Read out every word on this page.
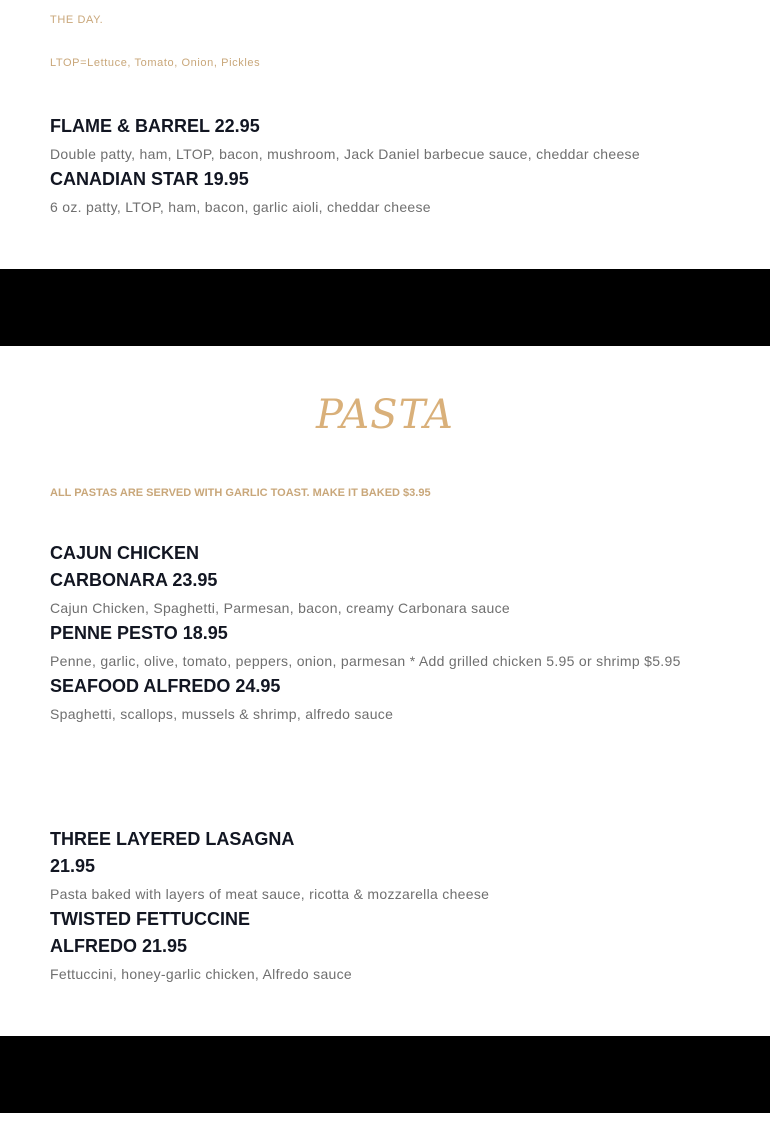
THE DAY.

LTOP=Lettuce, Tomato, Onion, Pickles

FLAME & BARREL 22.95

Double patty, ham, LTOP, bacon, mushroom, Jack Daniel barbecue sauce, cheddar cheese

CANADIAN STAR 19.95

6 oz. patty, LTOP, ham, bacon, garlic aioli, cheddar cheese

PASTA

ALL PASTAS ARE SERVED WITH GARLIC TOAST. MAKE IT BAKED $3.95

CAJUN CHICKEN

CARBONARA 23.95

Cajun Chicken, Spaghetti, Parmesan, bacon, creamy Carbonara sauce

PENNE PESTO 18.95

Penne, garlic, olive, tomato, peppers, onion, parmesan * Add grilled chicken 5.95 or shrimp $5.95

SEAFOOD ALFREDO 24.95

Spaghetti, scallops, mussels & shrimp, alfredo sauce

THREE LAYERED LASAGNA

21.95

Pasta baked with layers of meat sauce, ricotta & mozzarella cheese

TWISTED FETTUCCINE

ALFREDO 21.95

Fettuccini, honey-garlic chicken, Alfredo sauce
